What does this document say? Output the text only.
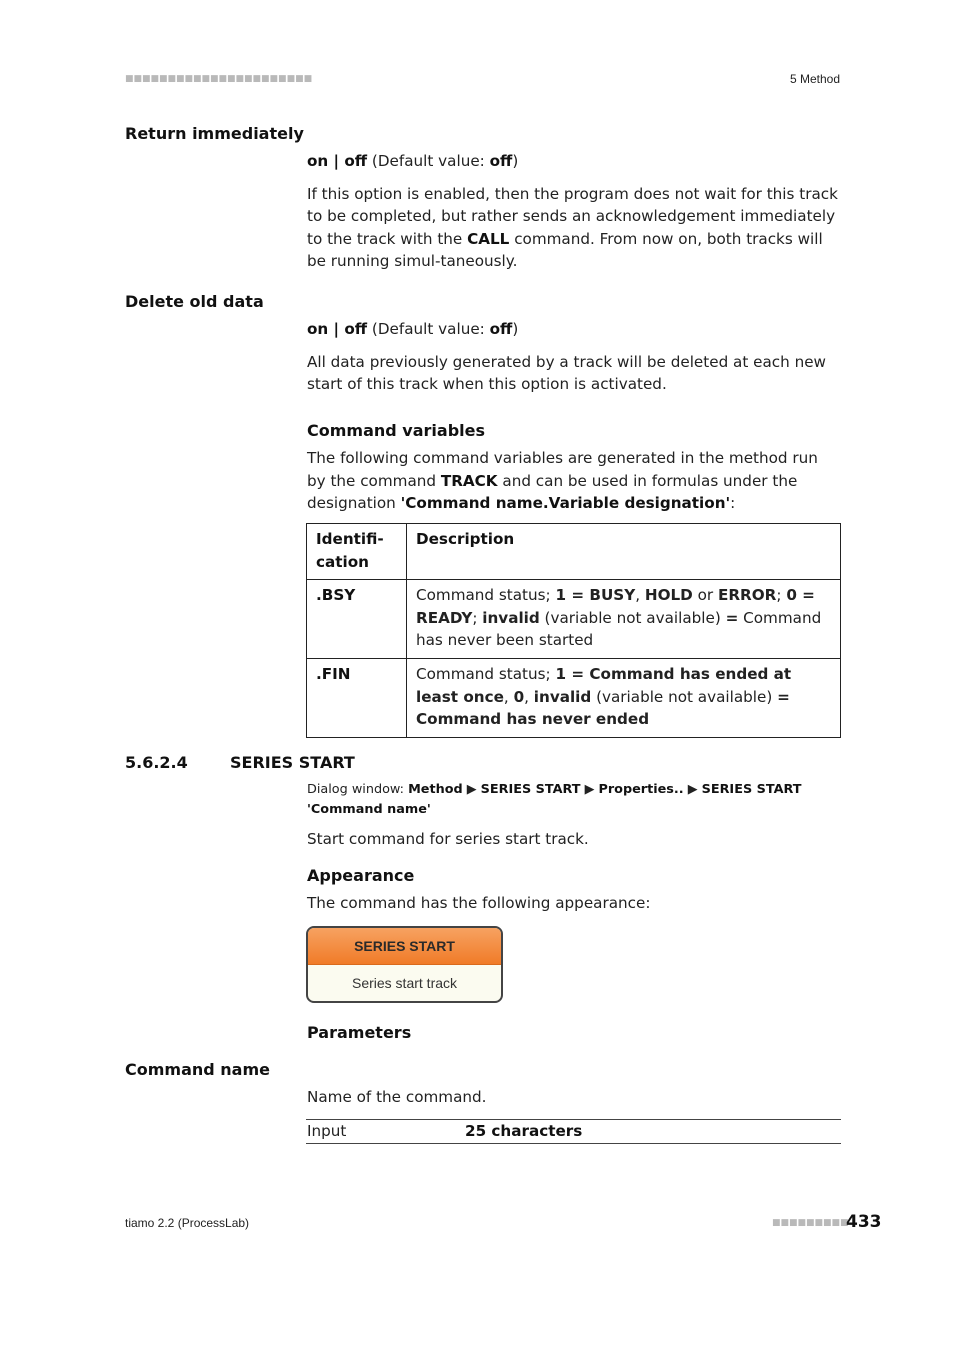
■■■■■■■■■■■■■■■■■■■■■■	5 Method
Return immediately

on | off (Default value: off)

If this option is enabled, then the program does not wait for this track to be completed, but rather sends an acknowledgement immediately to the track with the CALL command. From now on, both tracks will be running simul-taneously.

Delete old data

on | off (Default value: off)

All data previously generated by a track will be deleted at each new start of this track when this option is activated.

Command variables

The following command variables are generated in the method run by the command TRACK and can be used in formulas under the designation 'Command name.Variable designation':

Identifi-cation	Description
.BSY	Command status; 1 = BUSY, HOLD or ERROR; 0 = READY; invalid (variable not available) = Command has never been started
.FIN	Command status; 1 = Command has ended at least once, 0, invalid (variable not available) = Command has never ended
5.6.2.4	SERIES START
Dialog window: Method ▶ SERIES START ▶ Properties.. ▶ SERIES START 'Command name'
Start command for series start track.
Appearance
The command has the following appearance:
SERIES START
Series start track
Parameters
Command name
Name of the command.
Input	25 characters
tiamo 2.2 (ProcessLab)	■■■■■■■■■
433
